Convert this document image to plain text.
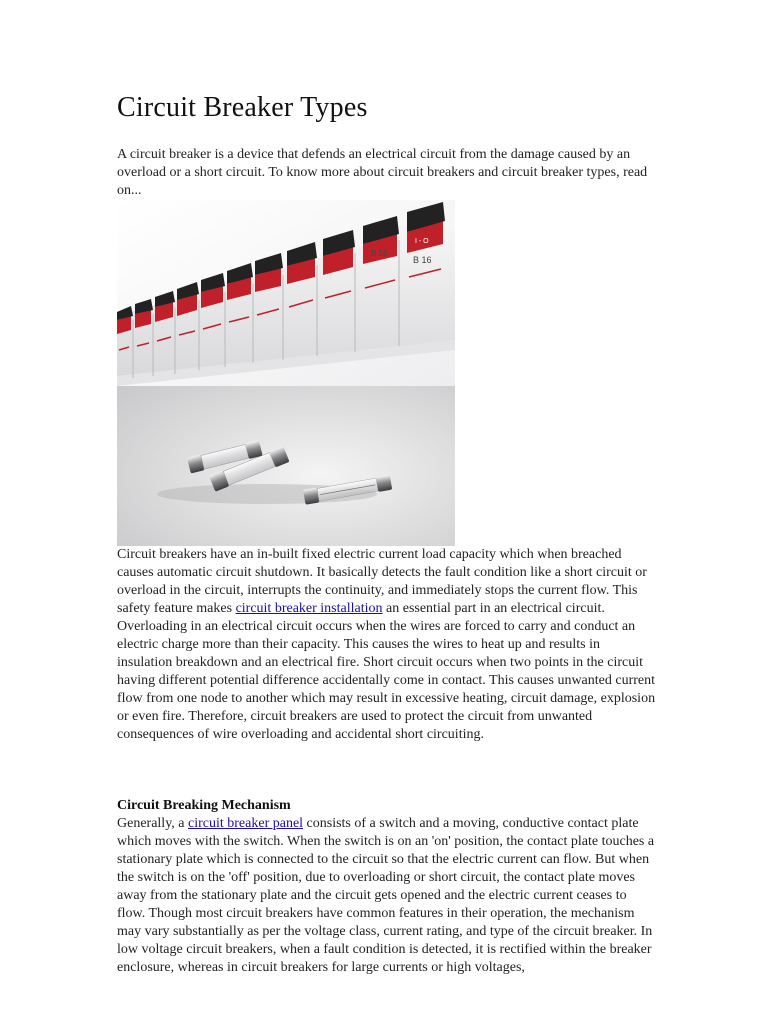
Circuit Breaker Types

A circuit breaker is a device that defends an electrical circuit from the damage caused by an overload or a short circuit. To know more about circuit breakers and circuit breaker types, read on...

B 16
B 16
I - O

Circuit breakers have an in-built fixed electric current load capacity which when breached causes automatic circuit shutdown. It basically detects the fault condition like a short circuit or overload in the circuit, interrupts the continuity, and immediately stops the current flow. This safety feature makes circuit breaker installation an essential part in an electrical circuit. Overloading in an electrical circuit occurs when the wires are forced to carry and conduct an electric charge more than their capacity. This causes the wires to heat up and results in insulation breakdown and an electrical fire. Short circuit occurs when two points in the circuit having different potential difference accidentally come in contact. This causes unwanted current flow from one node to another which may result in excessive heating, circuit damage, explosion or even fire. Therefore, circuit breakers are used to protect the circuit from unwanted consequences of wire overloading and accidental short circuiting.

Circuit Breaking Mechanism

Generally, a circuit breaker panel consists of a switch and a moving, conductive contact plate which moves with the switch. When the switch is on an 'on' position, the contact plate touches a stationary plate which is connected to the circuit so that the electric current can flow. But when the switch is on the 'off' position, due to overloading or short circuit, the contact plate moves away from the stationary plate and the circuit gets opened and the electric current ceases to flow. Though most circuit breakers have common features in their operation, the mechanism may vary substantially as per the voltage class, current rating, and type of the circuit breaker. In low voltage circuit breakers, when a fault condition is detected, it is rectified within the breaker enclosure, whereas in circuit breakers for large currents or high voltages,
